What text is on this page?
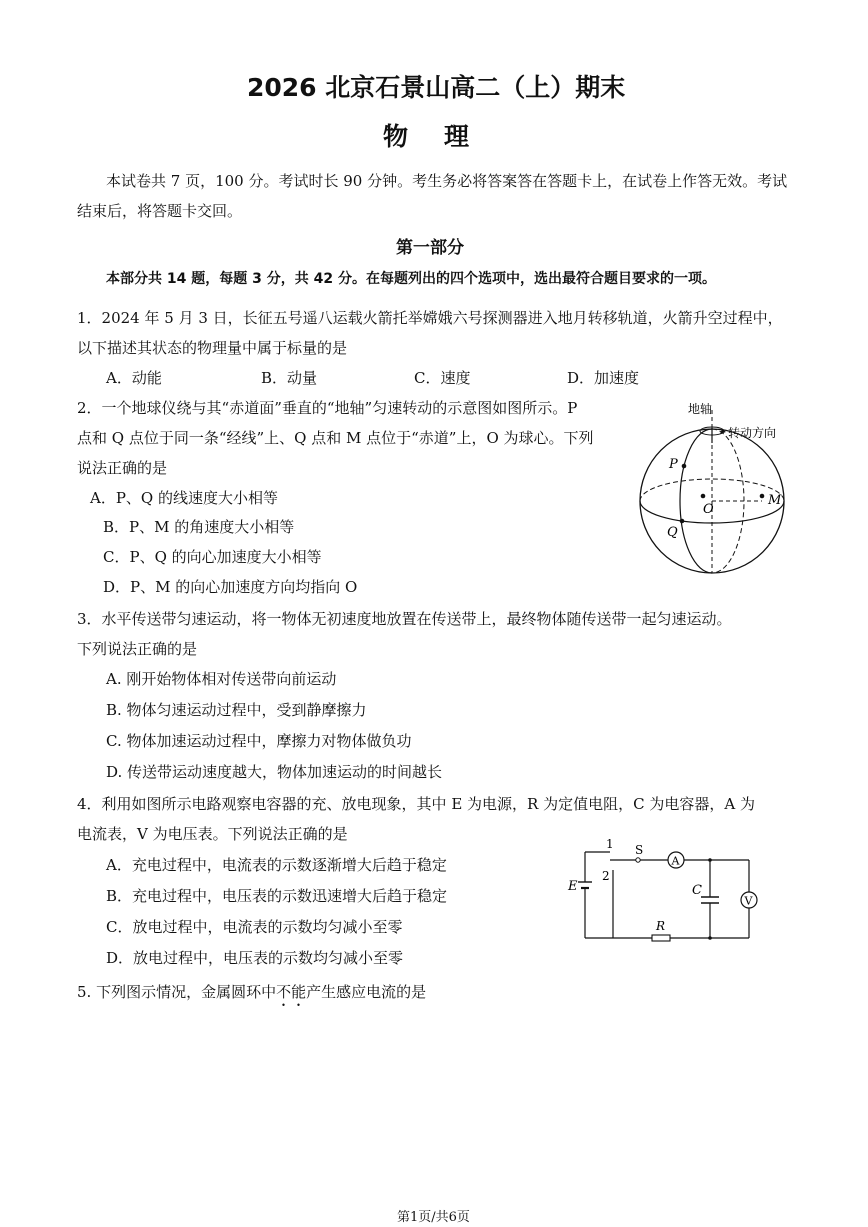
2026 北京石景山高二（上）期末
物理
本试卷共 7 页，100 分。考试时长 90 分钟。考生务必将答案答在答题卡上，在试卷上作答无效。考试
结束后，将答题卡交回。
第一部分
本部分共 14 题，每题 3 分，共 42 分。在每题列出的四个选项中，选出最符合题目要求的一项。
1．2024 年 5 月 3 日，长征五号遥八运载火箭托举嫦娥六号探测器进入地月转移轨道，火箭升空过程中，
以下描述其状态的物理量中属于标量的是
A．动能	B．动量	C．速度	D．加速度
2．一个地球仪绕与其“赤道面”垂直的“地轴”匀速转动的示意图如图所示。P
点和 Q 点位于同一条“经线”上、Q 点和 M 点位于“赤道”上，O 为球心。下列
说法正确的是
A．P、Q 的线速度大小相等
B．P、M 的角速度大小相等
C．P、Q 的向心加速度大小相等
D．P、M 的向心加速度方向均指向 O
地轴
转动方向
P
Q
M
O
3．水平传送带匀速运动，将一物体无初速度地放置在传送带上，最终物体随传送带一起匀速运动。
下列说法正确的是
A. 刚开始物体相对传送带向前运动
B. 物体匀速运动过程中，受到静摩擦力
C. 物体加速运动过程中，摩擦力对物体做负功
D. 传送带运动速度越大，物体加速运动的时间越长
4．利用如图所示电路观察电容器的充、放电现象，其中 E 为电源，R 为定值电阻，C 为电容器，A 为
电流表，V 为电压表。下列说法正确的是
A．充电过程中，电流表的示数逐渐增大后趋于稳定
B．充电过程中，电压表的示数迅速增大后趋于稳定
C．放电过程中，电流表的示数均匀减小至零
D．放电过程中，电压表的示数均匀减小至零
E
1 S
2
A
C
V
R
5. 下列图示情况，金属圆环中不能产生感应电流的是
第1页/共6页
